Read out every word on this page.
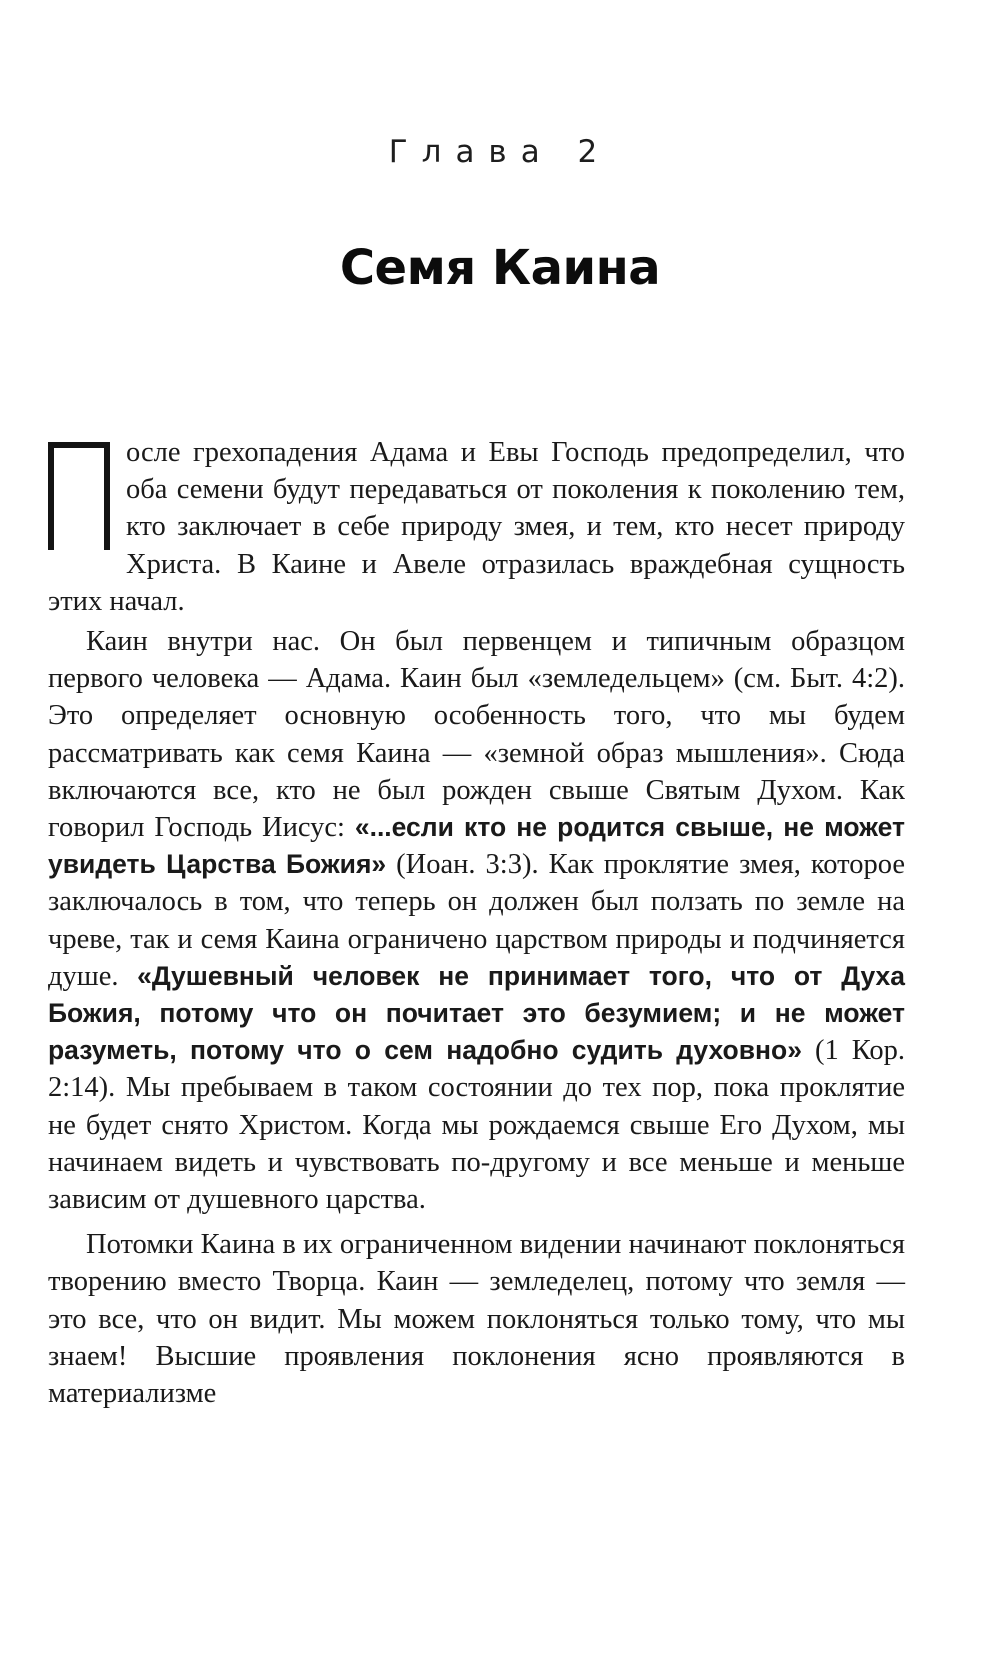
Глава 2
Семя Каина

осле грехопадения Адама и Евы Господь предопределил, что оба семени будут передаваться от поколения к поколению тем, кто заключает в себе природу змея, и тем, кто несет природу Христа. В Каине и Авеле отразилась враждебная сущность этих начал.

Каин внутри нас. Он был первенцем и типичным образцом первого человека — Адама. Каин был «земледельцем» (см. Быт. 4:2). Это определяет основную особенность того, что мы будем рассматривать как семя Каина — «земной образ мышления». Сюда включаются все, кто не был рожден свыше Святым Духом. Как говорил Господь Иисус: «...если кто не родится свыше, не может увидеть Царства Божия» (Иоан. 3:3). Как проклятие змея, которое заключалось в том, что теперь он должен был ползать по земле на чреве, так и семя Каина ограничено царством природы и подчиняется душе. «Душевный человек не принимает того, что от Духа Божия, потому что он почитает это безумием; и не может разуметь, потому что о сем надобно судить духовно» (1 Кор. 2:14). Мы пребываем в таком состоянии до тех пор, пока проклятие не будет снято Христом. Когда мы рождаемся свыше Его Духом, мы начинаем видеть и чувствовать по-другому и все меньше и меньше зависим от душевного царства.

Потомки Каина в их ограниченном видении начинают поклоняться творению вместо Творца. Каин — земледелец, потому что земля — это все, что он видит. Мы можем поклоняться только тому, что мы знаем! Высшие проявления поклонения ясно проявляются в материализме
